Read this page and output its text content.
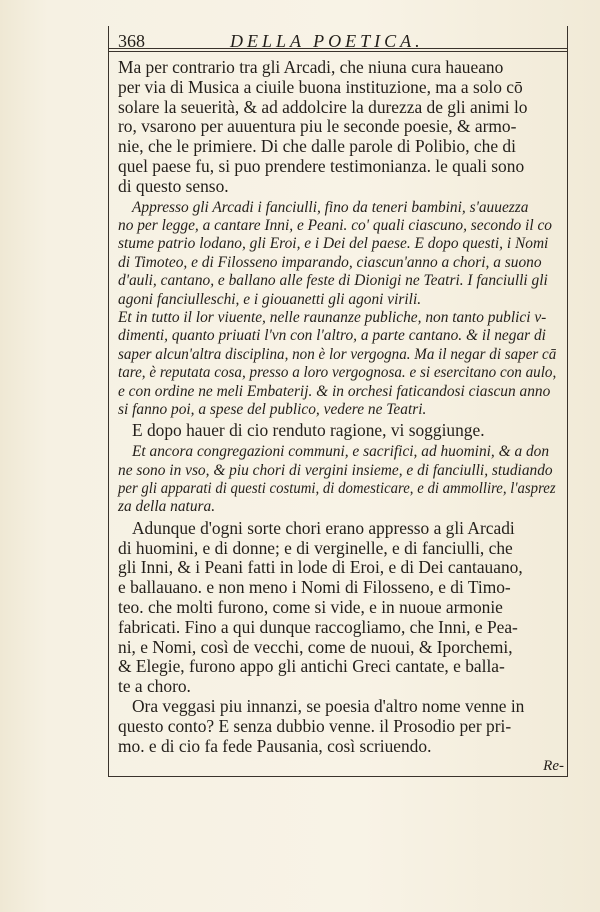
368	DELLA POETICA.
Ma per contrario tra gli Arcadi, che niuna cura haueano
per via di Musica a ciuile buona instituzione, ma a solo cō
solare la seuerità, & ad addolcire la durezza de gli animi lo
ro, vsarono per auuentura piu le seconde poesie, & armo-
nie, che le primiere. Di che dalle parole di Polibio, che di
quel paese fu, si puo prendere testimonianza. le quali sono
di questo senso.
Appresso gli Arcadi i fanciulli, fino da teneri bambini, s'auuezza
no per legge, a cantare Inni, e Peani. co' quali ciascuno, secondo il co
stume patrio lodano, gli Eroi, e i Dei del paese. E dopo questi, i Nomi
di Timoteo, e di Filosseno imparando, ciascun'anno a chori, a suono
d'auli, cantano, e ballano alle feste di Dionigi ne Teatri. I fanciulli gli
agoni fanciulleschi, e i giouanetti gli agoni virili.
Et in tutto il lor viuente, nelle raunanze publiche, non tanto publici v-
dimenti, quanto priuati l'vn con l'altro, a parte cantano. & il negar di
saper alcun'altra disciplina, non è lor vergogna. Ma il negar di saper cā
tare, è reputata cosa, presso a loro vergognosa. e si esercitano con aulo,
e con ordine ne meli Embaterij. & in orchesi faticandosi ciascun anno
si fanno poi, a spese del publico, vedere ne Teatri.
E dopo hauer di cio renduto ragione, vi soggiunge.
Et ancora congregazioni communi, e sacrifici, ad huomini, & a don
ne sono in vso, & piu chori di vergini insieme, e di fanciulli, studiando
per gli apparati di questi costumi, di domesticare, e di ammollire, l'asprez
za della natura.
Adunque d'ogni sorte chori erano appresso a gli Arcadi
di huomini, e di donne; e di verginelle, e di fanciulli, che
gli Inni, & i Peani fatti in lode di Eroi, e di Dei cantauano,
e ballauano. e non meno i Nomi di Filosseno, e di Timo-
teo. che molti furono, come si vide, e in nuoue armonie
fabricati. Fino a qui dunque raccogliamo, che Inni, e Pea-
ni, e Nomi, così de vecchi, come de nuoui, & Iporchemi,
& Elegie, furono appo gli antichi Greci cantate, e balla-
te a choro.
Ora veggasi piu innanzi, se poesia d'altro nome venne in
questo conto? E senza dubbio venne. il Prosodio per pri-
mo. e di cio fa fede Pausania, così scriuendo.
Re-
